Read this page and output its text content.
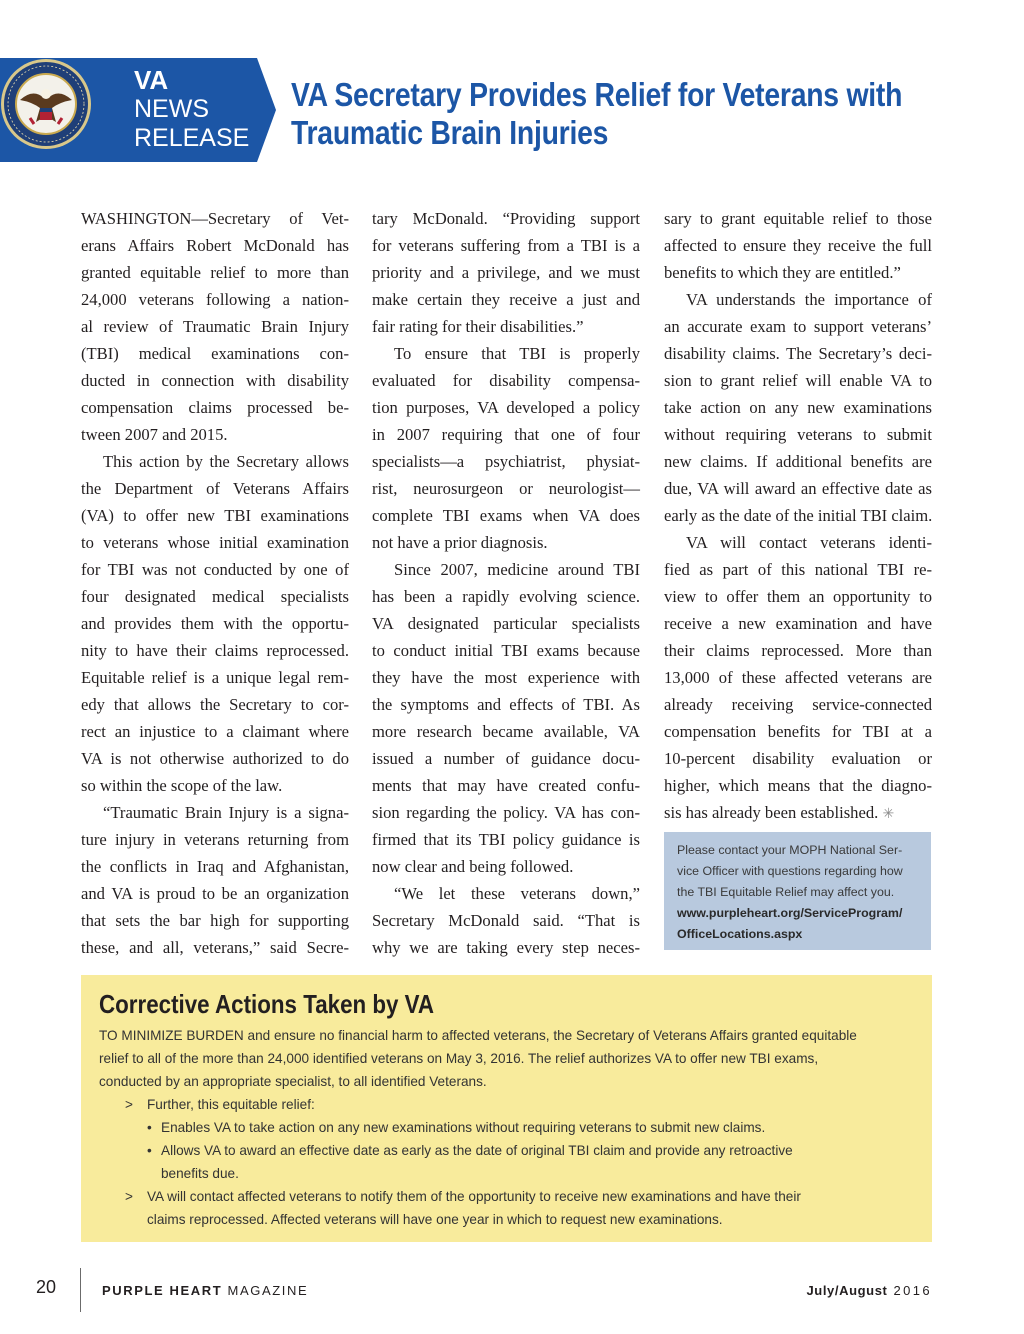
VA
NEWS
RELEASE
VA Secretary Provides Relief for Veterans with
Traumatic Brain Injuries
WASHINGTON—Secretary of Vet-
erans Affairs Robert McDonald has
granted equitable relief to more than
24,000 veterans following a nation-
al review of Traumatic Brain Injury
(TBI) medical examinations con-
ducted in connection with disability
compensation claims processed be-
tween 2007 and 2015.
This action by the Secretary allows
the Department of Veterans Affairs
(VA) to offer new TBI examinations
to veterans whose initial examination
for TBI was not conducted by one of
four designated medical specialists
and provides them with the opportu-
nity to have their claims reprocessed.
Equitable relief is a unique legal rem-
edy that allows the Secretary to cor-
rect an injustice to a claimant where
VA is not otherwise authorized to do
so within the scope of the law.
“Traumatic Brain Injury is a signa-
ture injury in veterans returning from
the conflicts in Iraq and Afghanistan,
and VA is proud to be an organization
that sets the bar high for supporting
these, and all, veterans,” said Secre-
tary McDonald. “Providing support
for veterans suffering from a TBI is a
priority and a privilege, and we must
make certain they receive a just and
fair rating for their disabilities.”
To ensure that TBI is properly
evaluated for disability compensa-
tion purposes, VA developed a policy
in 2007 requiring that one of four
specialists—a psychiatrist, physiat-
rist, neurosurgeon or neurologist—
complete TBI exams when VA does
not have a prior diagnosis.
Since 2007, medicine around TBI
has been a rapidly evolving science.
VA designated particular specialists
to conduct initial TBI exams because
they have the most experience with
the symptoms and effects of TBI. As
more research became available, VA
issued a number of guidance docu-
ments that may have created confu-
sion regarding the policy. VA has con-
firmed that its TBI policy guidance is
now clear and being followed.
“We let these veterans down,”
Secretary McDonald said. “That is
why we are taking every step neces-
sary to grant equitable relief to those
affected to ensure they receive the full
benefits to which they are entitled.”
VA understands the importance of
an accurate exam to support veterans’
disability claims. The Secretary’s deci-
sion to grant relief will enable VA to
take action on any new examinations
without requiring veterans to submit
new claims. If additional benefits are
due, VA will award an effective date as
early as the date of the initial TBI claim.
VA will contact veterans identi-
fied as part of this national TBI re-
view to offer them an opportunity to
receive a new examination and have
their claims reprocessed. More than
13,000 of these affected veterans are
already receiving service-connected
compensation benefits for TBI at a
10-percent disability evaluation or
higher, which means that the diagno-
sis has already been established. ✳
Please contact your MOPH National Ser-
vice Officer with questions regarding how
the TBI Equitable Relief may affect you.
www.purpleheart.org/ServiceProgram/
OfficeLocations.aspx
Corrective Actions Taken by VA
TO MINIMIZE BURDEN and ensure no financial harm to affected veterans, the Secretary of Veterans Affairs granted equitable
relief to all of the more than 24,000 identified veterans on May 3, 2016. The relief authorizes VA to offer new TBI exams,
conducted by an appropriate specialist, to all identified Veterans.
> Further, this equitable relief:
• Enables VA to take action on any new examinations without requiring veterans to submit new claims.
• Allows VA to award an effective date as early as the date of original TBI claim and provide any retroactive
benefits due.
> VA will contact affected veterans to notify them of the opportunity to receive new examinations and have their
claims reprocessed. Affected veterans will have one year in which to request new examinations.
20	PURPLE HEART MAGAZINE	July/August 2016
